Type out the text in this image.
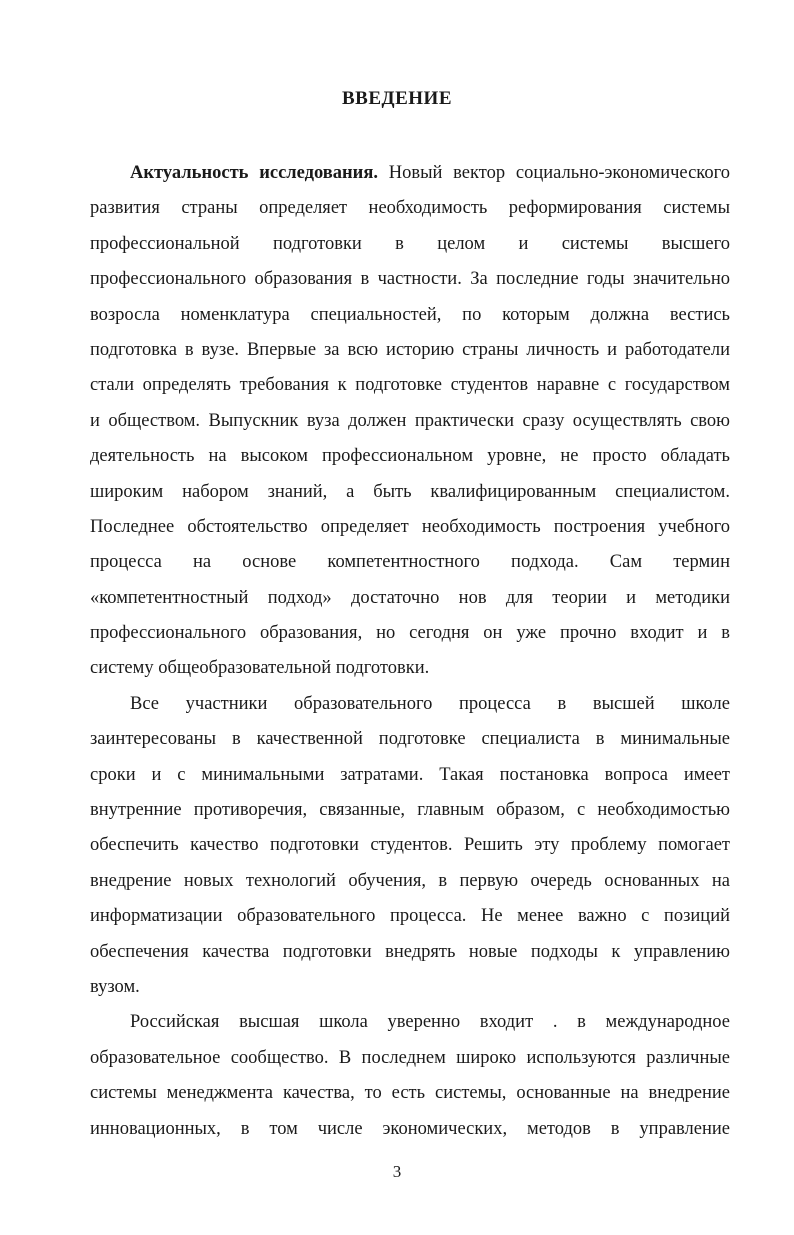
ВВЕДЕНИЕ
Актуальность исследования. Новый вектор социально-экономического
развития страны определяет необходимость реформирования системы
профессиональной подготовки в целом и системы высшего
профессионального образования в частности. За последние годы значительно
возросла номенклатура специальностей, по которым должна вестись
подготовка в вузе. Впервые за всю историю страны личность и работодатели
стали определять требования к подготовке студентов наравне с государством
и обществом. Выпускник вуза должен практически сразу осуществлять свою
деятельность на высоком профессиональном уровне, не просто обладать
широким набором знаний, а быть квалифицированным специалистом.
Последнее обстоятельство определяет необходимость построения учебного
процесса на основе компетентностного подхода. Сам термин
«компетентностный подход» достаточно нов для теории и методики
профессионального образования, но сегодня он уже прочно входит и в
систему общеобразовательной подготовки.
Все участники образовательного процесса в высшей школе
заинтересованы в качественной подготовке специалиста в минимальные
сроки и с минимальными затратами. Такая постановка вопроса имеет
внутренние противоречия, связанные, главным образом, с необходимостью
обеспечить качество подготовки студентов. Решить эту проблему помогает
внедрение новых технологий обучения, в первую очередь основанных на
информатизации образовательного процесса. Не менее важно с позиций
обеспечения качества подготовки внедрять новые подходы к управлению
вузом.
Российская высшая школа уверенно входит . в международное
образовательное сообщество. В последнем широко используются различные
системы менеджмента качества, то есть системы, основанные на внедрение
инновационных, в том числе экономических, методов в управление
3
